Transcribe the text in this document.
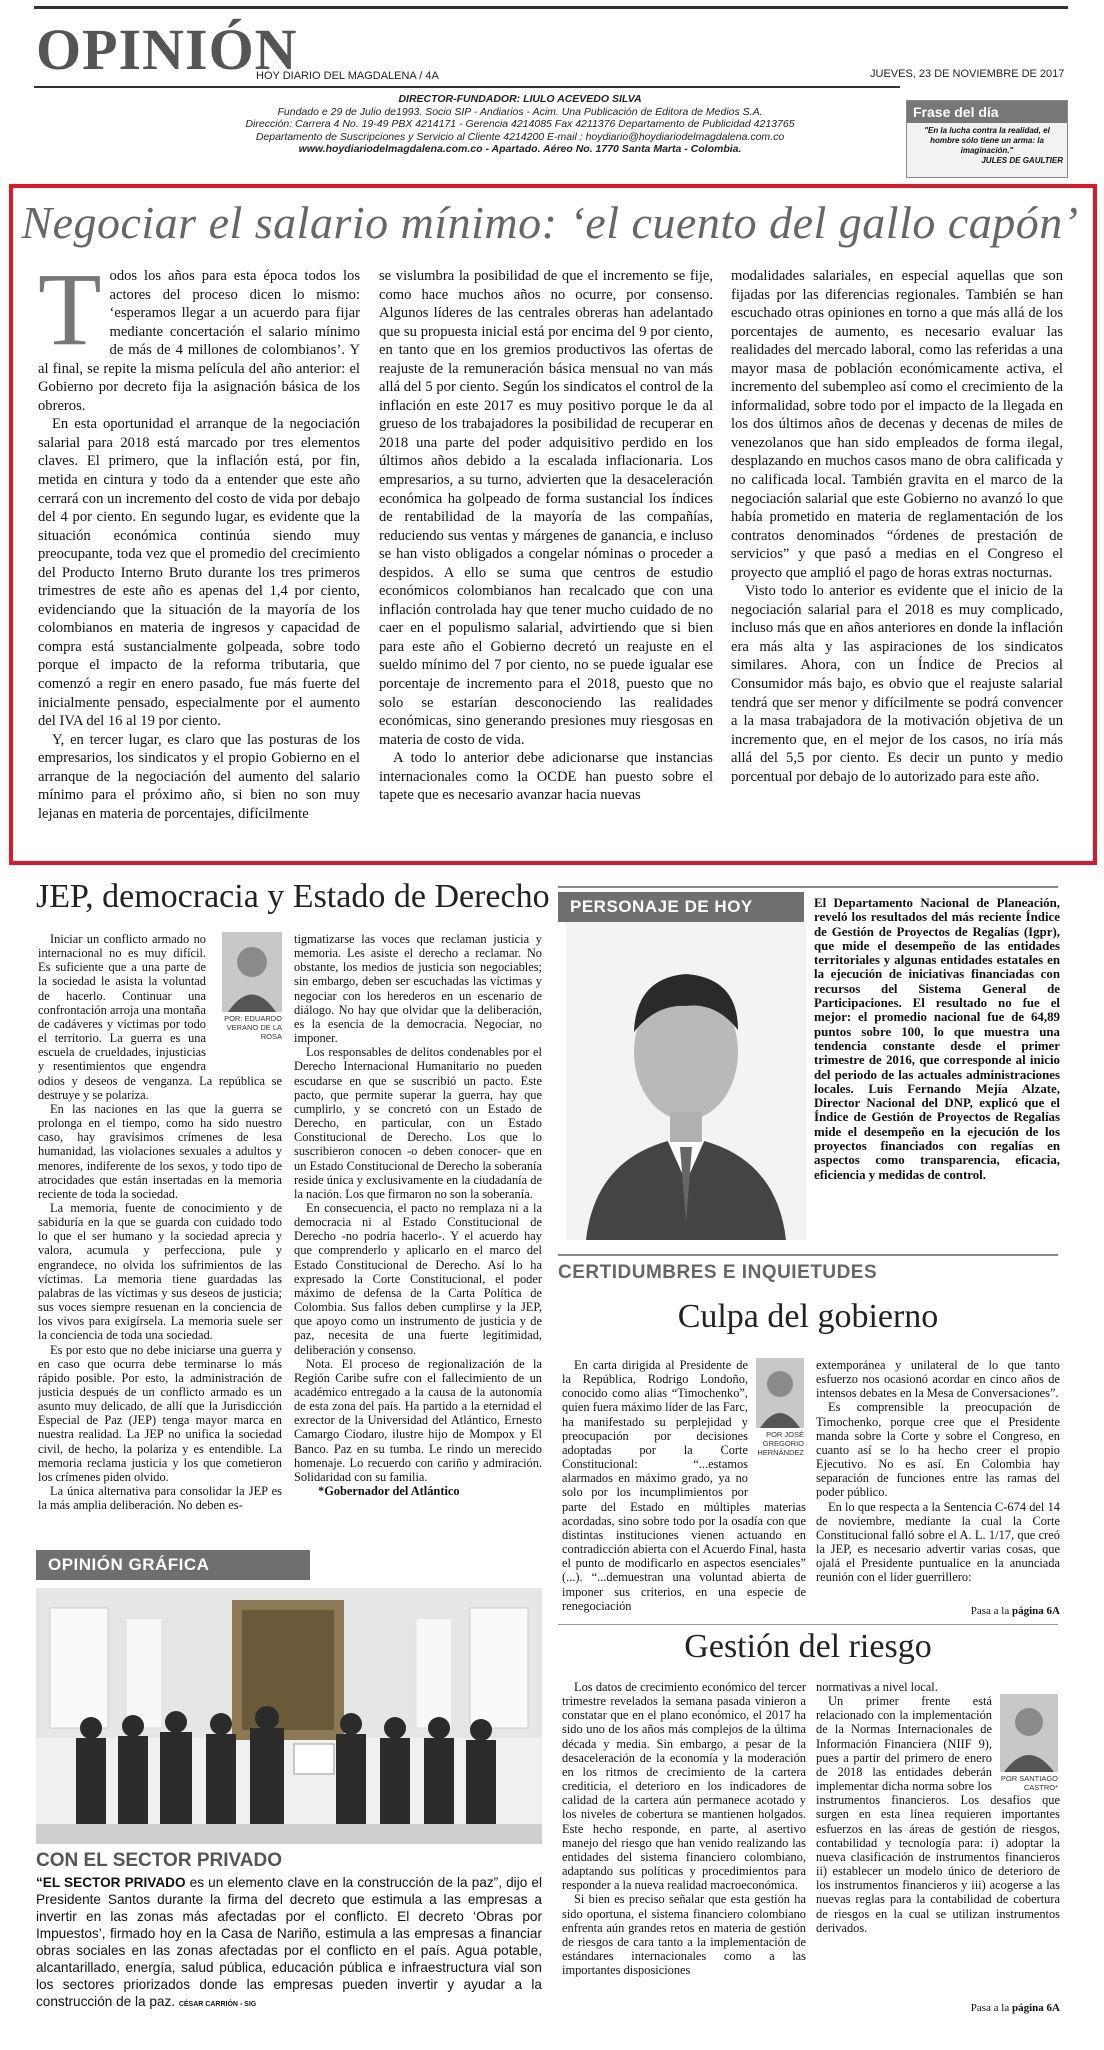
OPINIÓN
HOY DIARIO DEL MAGDALENA / 4A	JUEVES, 23 DE NOVIEMBRE DE 2017
DIRECTOR-FUNDADOR: LIULO ACEVEDO SILVA
Fundado e 29 de Julio de1993. Socio SIP - Andiarios - Acim. Una Publicación de Editora de Medios S.A.
Dirección: Carrera 4 No. 19-49 PBX 4214171 - Gerencia 4214085 Fax 4211376 Departamento de Publicidad 4213765
Departamento de Suscripciones y Servicio al Cliente 4214200 E-mail : hoydiario@hoydiariodelmagdalena.com.co
www.hoydiariodelmagdalena.com.co - Apartado. Aéreo No. 1770 Santa Marta - Colombia.
Frase del día
"En la lucha contra la realidad, el hombre sólo tiene un arma: la imaginación."
JULES DE GAULTIER
Negociar el salario mínimo: ‘el cuento del gallo capón’

Todos los años para esta época todos los actores del proceso dicen lo mismo: ‘esperamos llegar a un acuerdo para fijar mediante concertación el salario mínimo de más de 4 millones de colombianos’. Y al final, se repite la misma película del año anterior: el Gobierno por decreto fija la asignación básica de los obreros.

En esta oportunidad el arranque de la negociación salarial para 2018 está marcado por tres elementos claves. El primero, que la inflación está, por fin, metida en cintura y todo da a entender que este año cerrará con un incremento del costo de vida por debajo del 4 por ciento. En segundo lugar, es evidente que la situación económica continúa siendo muy preocupante, toda vez que el promedio del crecimiento del Producto Interno Bruto durante los tres primeros trimestres de este año es apenas del 1,4 por ciento, evidenciando que la situación de la mayoría de los colombianos en materia de ingresos y capacidad de compra está sustancialmente golpeada, sobre todo porque el impacto de la reforma tributaria, que comenzó a regir en enero pasado, fue más fuerte del inicialmente pensado, especialmente por el aumento del IVA del 16 al 19 por ciento.

Y, en tercer lugar, es claro que las posturas de los empresarios, los sindicatos y el propio Gobierno en el arranque de la negociación del aumento del salario mínimo para el próximo año, si bien no son muy lejanas en materia de porcentajes, difícilmente

se vislumbra la posibilidad de que el incremento se fije, como hace muchos años no ocurre, por consenso. Algunos líderes de las centrales obreras han adelantado que su propuesta inicial está por encima del 9 por ciento, en tanto que en los gremios productivos las ofertas de reajuste de la remuneración básica mensual no van más allá del 5 por ciento. Según los sindicatos el control de la inflación en este 2017 es muy positivo porque le da al grueso de los trabajadores la posibilidad de recuperar en 2018 una parte del poder adquisitivo perdido en los últimos años debido a la escalada inflacionaria. Los empresarios, a su turno, advierten que la desaceleración económica ha golpeado de forma sustancial los índices de rentabilidad de la mayoría de las compañías, reduciendo sus ventas y márgenes de ganancia, e incluso se han visto obligados a congelar nóminas o proceder a despidos. A ello se suma que centros de estudio económicos colombianos han recalcado que con una inflación controlada hay que tener mucho cuidado de no caer en el populismo salarial, advirtiendo que si bien para este año el Gobierno decretó un reajuste en el sueldo mínimo del 7 por ciento, no se puede igualar ese porcentaje de incremento para el 2018, puesto que no solo se estarían desconociendo las realidades económicas, sino generando presiones muy riesgosas en materia de costo de vida.

A todo lo anterior debe adicionarse que instancias internacionales como la OCDE han puesto sobre el tapete que es necesario avanzar hacia nuevas

modalidades salariales, en especial aquellas que son fijadas por las diferencias regionales. También se han escuchado otras opiniones en torno a que más allá de los porcentajes de aumento, es necesario evaluar las realidades del mercado laboral, como las referidas a una mayor masa de población económicamente activa, el incremento del subempleo así como el crecimiento de la informalidad, sobre todo por el impacto de la llegada en los dos últimos años de decenas y decenas de miles de venezolanos que han sido empleados de forma ilegal, desplazando en muchos casos mano de obra calificada y no calificada local. También gravita en el marco de la negociación salarial que este Gobierno no avanzó lo que había prometido en materia de reglamentación de los contratos denominados “órdenes de prestación de servicios” y que pasó a medias en el Congreso el proyecto que amplió el pago de horas extras nocturnas.

Visto todo lo anterior es evidente que el inicio de la negociación salarial para el 2018 es muy complicado, incluso más que en años anteriores en donde la inflación era más alta y las aspiraciones de los sindicatos similares. Ahora, con un Índice de Precios al Consumidor más bajo, es obvio que el reajuste salarial tendrá que ser menor y difícilmente se podrá convencer a la masa trabajadora de la motivación objetiva de un incremento que, en el mejor de los casos, no iría más allá del 5,5 por ciento. Es decir un punto y medio porcentual por debajo de lo autorizado para este año.

JEP, democracia y Estado de Derecho
POR: EDUARDO VERANO DE LA ROSA

Iniciar un conflicto armado no internacional no es muy difícil. Es suficiente que a una parte de la sociedad le asista la voluntad de hacerlo. Continuar una confrontación arroja una montaña de cadáveres y víctimas por todo el territorio. La guerra es una escuela de crueldades, injusticias y resentimientos que engendra odios y deseos de venganza. La república se destruye y se polariza.

En las naciones en las que la guerra se prolonga en el tiempo, como ha sido nuestro caso, hay gravísimos crímenes de lesa humanidad, las violaciones sexuales a adultos y menores, indiferente de los sexos, y todo tipo de atrocidades que están insertadas en la memoria reciente de toda la sociedad.

La memoria, fuente de conocimiento y de sabiduría en la que se guarda con cuidado todo lo que el ser humano y la sociedad aprecia y valora, acumula y perfecciona, pule y engrandece, no olvida los sufrimientos de las víctimas. La memoria tiene guardadas las palabras de las víctimas y sus deseos de justicia; sus voces siempre resuenan en la conciencia de los vivos para exigírsela. La memoria suele ser la conciencia de toda una sociedad.

Es por esto que no debe iniciarse una guerra y en caso que ocurra debe terminarse lo más rápido posible. Por esto, la administración de justicia después de un conflicto armado es un asunto muy delicado, de allí que la Jurisdicción Especial de Paz (JEP) tenga mayor marca en nuestra realidad. La JEP no unifica la sociedad civil, de hecho, la polariza y es entendible. La memoria reclama justicia y los que cometieron los crímenes piden olvido.

La única alternativa para consolidar la JEP es la más amplia deliberación. No deben es-

tigmatizarse las voces que reclaman justicia y memoria. Les asiste el derecho a reclamar. No obstante, los medios de justicia son negociables; sin embargo, deben ser escuchadas las víctimas y negociar con los herederos en un escenario de diálogo. No hay que olvidar que la deliberación, es la esencia de la democracia. Negociar, no imponer.

Los responsables de delitos condenables por el Derecho Internacional Humanitario no pueden escudarse en que se suscribió un pacto. Este pacto, que permite superar la guerra, hay que cumplirlo, y se concretó con un Estado de Derecho, en particular, con un Estado Constitucional de Derecho. Los que lo suscribieron conocen -o deben conocer- que en un Estado Constitucional de Derecho la soberanía reside única y exclusivamente en la ciudadanía de la nación. Los que firmaron no son la soberanía.

En consecuencia, el pacto no remplaza ni a la democracia ni al Estado Constitucional de Derecho -no podría hacerlo-. Y el acuerdo hay que comprenderlo y aplicarlo en el marco del Estado Constitucional de Derecho. Así lo ha expresado la Corte Constitucional, el poder máximo de defensa de la Carta Política de Colombia. Sus fallos deben cumplirse y la JEP, que apoyo como un instrumento de justicia y de paz, necesita de una fuerte legitimidad, deliberación y consenso.

Nota. El proceso de regionalización de la Región Caribe sufre con el fallecimiento de un académico entregado a la causa de la autonomía de esta zona del país. Ha partido a la eternidad el exrector de la Universidad del Atlántico, Ernesto Camargo Ciodaro, ilustre hijo de Mompox y El Banco. Paz en su tumba. Le rindo un merecido homenaje. Lo recuerdo con cariño y admiración. Solidaridad con su familia.

*Gobernador del Atlántico

OPINIÓN GRÁFICA
CON EL SECTOR PRIVADO
“EL SECTOR PRIVADO es un elemento clave en la construcción de la paz”, dijo el Presidente Santos durante la firma del decreto que estimula a las empresas a invertir en las zonas más afectadas por el conflicto. El decreto ‘Obras por Impuestos’, firmado hoy en la Casa de Nariño, estimula a las empresas a financiar obras sociales en las zonas afectadas por el conflicto en el país. Agua potable, alcantarillado, energía, salud pública, educación pública e infraestructura vial son los sectores priorizados donde las empresas pueden invertir y ayudar a la construcción de la paz. CÉSAR CARRIÓN - SIG
PERSONAJE DE HOY	El Departamento Nacional de Planeación, reveló los resultados del más reciente Índice de Gestión de Proyectos de Regalías (Igpr), que mide el desempeño de las entidades territoriales y algunas entidades estatales en la ejecución de iniciativas financiadas con recursos del Sistema General de Participaciones. El resultado no fue el mejor: el promedio nacional fue de 64,89 puntos sobre 100, lo que muestra una tendencia constante desde el primer trimestre de 2016, que corresponde al inicio del periodo de las actuales administraciones locales. Luis Fernando Mejía Alzate, Director Nacional del DNP, explicó que el Índice de Gestión de Proyectos de Regalías mide el desempeño en la ejecución de los proyectos financiados con regalías en aspectos como transparencia, eficacia, eficiencia y medidas de control.

CERTIDUMBRES E INQUIETUDES
Culpa del gobierno
POR JOSÉ GREGORIO HERNÁNDEZ

En carta dirigida al Presidente de la República, Rodrigo Londoño, conocido como alias “Timochenko”, quien fuera máximo líder de las Farc, ha manifestado su perplejidad y preocupación por decisiones adoptadas por la Corte Constitucional: “...estamos alarmados en máximo grado, ya no solo por los incumplimientos por parte del Estado en múltiples materias acordadas, sino sobre todo por la osadía con que distintas instituciones vienen actuando en contradicción abierta con el Acuerdo Final, hasta el punto de modificarlo en aspectos esenciales” (...). “...demuestran una voluntad abierta de imponer sus criterios, en una especie de renegociación

extemporánea y unilateral de lo que tanto esfuerzo nos ocasionó acordar en cinco años de intensos debates en la Mesa de Conversaciones”.

Es comprensible la preocupación de Timochenko, porque cree que el Presidente manda sobre la Corte y sobre el Congreso, en cuanto así se lo ha hecho creer el propio Ejecutivo. No es así. En Colombia hay separación de funciones entre las ramas del poder público.

En lo que respecta a la Sentencia C-674 del 14 de noviembre, mediante la cual la Corte Constitucional falló sobre el A. L. 1/17, que creó la JEP, es necesario advertir varias cosas, que ojalá el Presidente puntualice en la anunciada reunión con el líder guerrillero:

Pasa a la página 6A
Gestión del riesgo

Los datos de crecimiento económico del tercer trimestre revelados la semana pasada vinieron a constatar que en el plano económico, el 2017 ha sido uno de los años más complejos de la última década y media. Sin embargo, a pesar de la desaceleración de la economía y la moderación en los ritmos de crecimiento de la cartera crediticia, el deterioro en los indicadores de calidad de la cartera aún permanece acotado y los niveles de cobertura se mantienen holgados. Este hecho responde, en parte, al asertivo manejo del riesgo que han venido realizando las entidades del sistema financiero colombiano, adaptando sus políticas y procedimientos para responder a la nueva realidad macroeconómica.

Si bien es preciso señalar que esta gestión ha sido oportuna, el sistema financiero colombiano enfrenta aún grandes retos en materia de gestión de riesgos de cara tanto a la implementación de estándares internacionales como a las importantes disposiciones

POR SANTIAGO CASTRO*

normativas a nivel local.

Un primer frente está relacionado con la implementación de la Normas Internacionales de Información Financiera (NIIF 9), pues a partir del primero de enero de 2018 las entidades deberán implementar dicha norma sobre los instrumentos financieros. Los desafíos que surgen en esta línea requieren importantes esfuerzos en las áreas de gestión de riesgos, contabilidad y tecnología para: i) adoptar la nueva clasificación de instrumentos financieros ii) establecer un modelo único de deterioro de los instrumentos financieros y iii) acogerse a las nuevas reglas para la contabilidad de cobertura de riesgos en la cual se utilizan instrumentos derivados.

Pasa a la página 6A
